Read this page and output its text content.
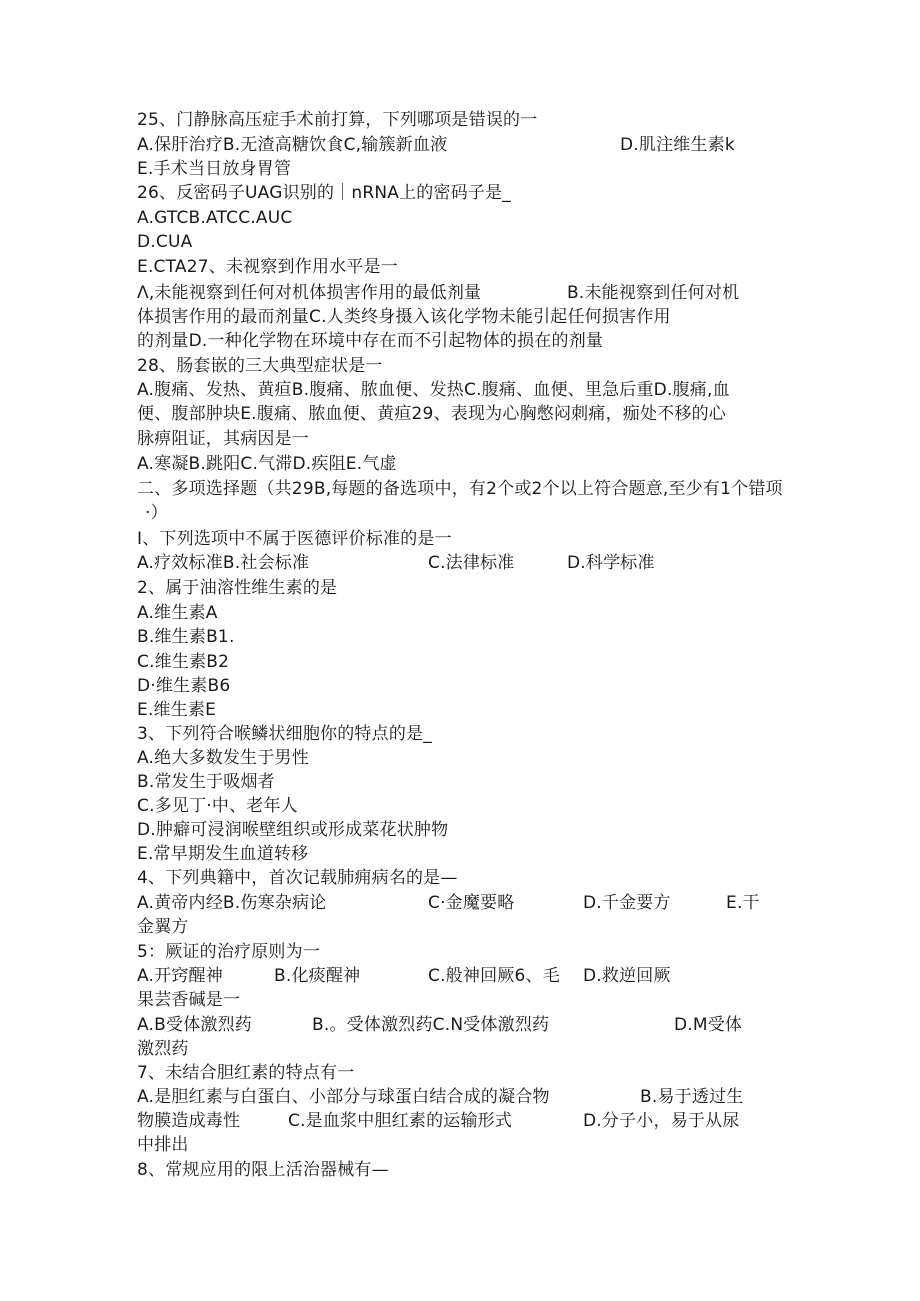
25、门静脉高压症手术前打算，下列哪项是错误的一

A.保肝治疗B.无渣高糖饮食C,输簇新血液

	D.肌注维生素k

E.手术当日放身胃管

26、反密码子UAG识别的｜nRNA上的密码子是_

A.GTCB.ATCC.AUC

D.CUA

E.CTA27、未视察到作用水平是一

Λ,未能视察到任何对机体损害作用的最低剂量

	B.未能视察到任何对机

体损害作用的最而剂量C.人类终身摄入该化学物未能引起任何损害作用

的剂量D.一种化学物在环境中存在而不引起物体的损在的剂量

28、肠套嵌的三大典型症状是一

A.腹痛、发热、黄疸B.腹痛、脓血便、发热C.腹痛、血便、里急后重D.腹痛,血

便、腹部肿块E.腹痛、脓血便、黄疸29、表现为心胸憋闷刺痛，痂处不移的心

脉痹阻证，其病因是一

A.寒凝B.跳阳C.气滞D.疾阻E.气虚

二、多项选择题（共29B,每题的备选项中，有2个或2个以上符合题意,至少有1个错项

·）

I、下列选项中不属于医德评价标准的是一

A.疗效标准B.社会标准

	C.法律标准

	D.科学标准

2、属于油溶性维生素的是

A.维生素A

B.维生素B1.

C.维生素B2

D·维生素B6

E.维生素E

3、下列符合喉鳞状细胞你的特点的是_

A.绝大多数发生于男性

B.常发生于吸烟者

C.多见丁·中、老年人

D.肿癖可浸润喉壁组织或形成菜花状肿物

E.常早期发生血道转移

4、下列典籍中，首次记载肺痈病名的是—

A.黄帝内经B.伤寒杂病论

	C·金魔要略

	D.千金要方

	E.干

金翼方

5：厥证的治疗原则为一

A.开窍醒神

	B.化痰醒神

	C.般神回厥6、毛

D.救逆回厥

果芸香碱是一

A.B受体激烈药

	B.。受体激烈药C.N受体激烈药

	D.M受体

激烈药

7、未结合胆红素的特点有一

A.是胆红素与白蛋白、小部分与球蛋白结合成的凝合物

	B.易于透过生

物膜造成毒性

	C.是血浆中胆红素的运输形式

	D.分子小，易于从尿

中排出

8、常规应用的限上活治器械有—
